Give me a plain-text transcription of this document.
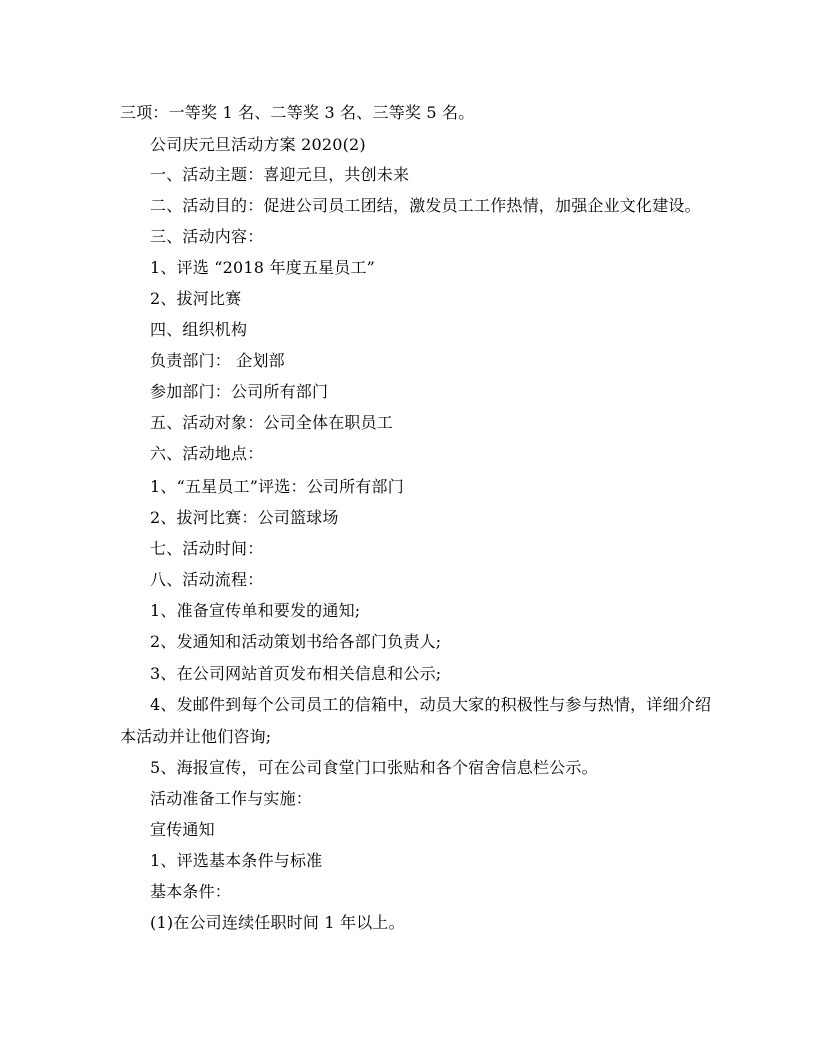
三项：一等奖 1 名、二等奖 3 名、三等奖 5 名。
公司庆元旦活动方案 2020(2)
一、活动主题：喜迎元旦，共创未来
二、活动目的：促进公司员工团结，激发员工工作热情，加强企业文化建设。
三、活动内容：
1、评选 “2018 年度五星员工”
2、拔河比赛
四、组织机构
负责部门： 企划部
参加部门：公司所有部门
五、活动对象：公司全体在职员工
六、活动地点：
1、“五星员工”评选：公司所有部门
2、拔河比赛：公司篮球场
七、活动时间：
八、活动流程：
1、准备宣传单和要发的通知;
2、发通知和活动策划书给各部门负责人;
3、在公司网站首页发布相关信息和公示;
4、发邮件到每个公司员工的信箱中，动员大家的积极性与参与热情，详细介绍
本活动并让他们咨询;
5、海报宣传，可在公司食堂门口张贴和各个宿舍信息栏公示。
活动准备工作与实施：
宣传通知
1、评选基本条件与标准
基本条件：
(1)在公司连续任职时间 1 年以上。
